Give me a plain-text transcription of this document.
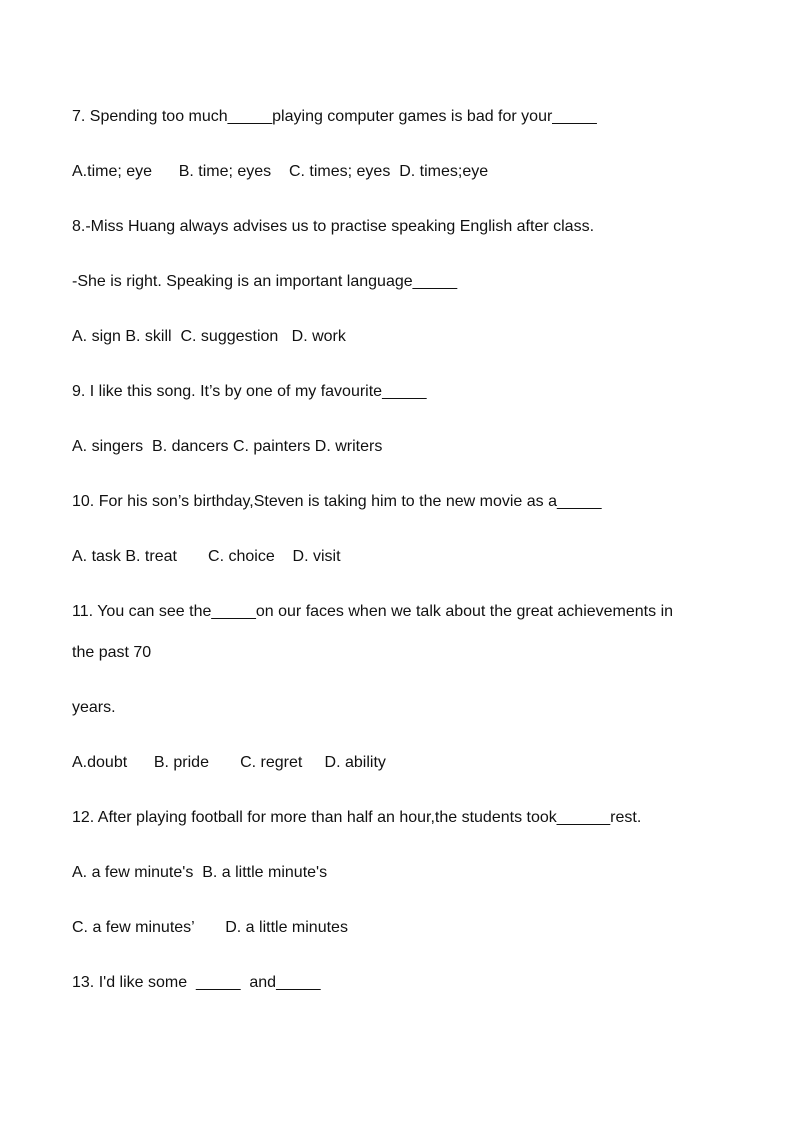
7. Spending too much_____playing computer games is bad for your_____

A.time; eye      B. time; eyes    C. times; eyes  D. times;eye

8.-Miss Huang always advises us to practise speaking English after class.

-She is right. Speaking is an important language_____

A. sign B. skill  C. suggestion   D. work

9. I like this song. It’s by one of my favourite_____

A. singers  B. dancers C. painters D. writers

10. For his son’s birthday,Steven is taking him to the new movie as a_____

A. task B. treat       C. choice    D. visit

11. You can see the_____on our faces when we talk about the great achievements in

the past 70

years.

A.doubt      B. pride       C. regret     D. ability

12. After playing football for more than half an hour,the students took______rest.

A. a few minute's  B. a little minute's

C. a few minutes’       D. a little minutes

13. I'd like some  _____  and_____
